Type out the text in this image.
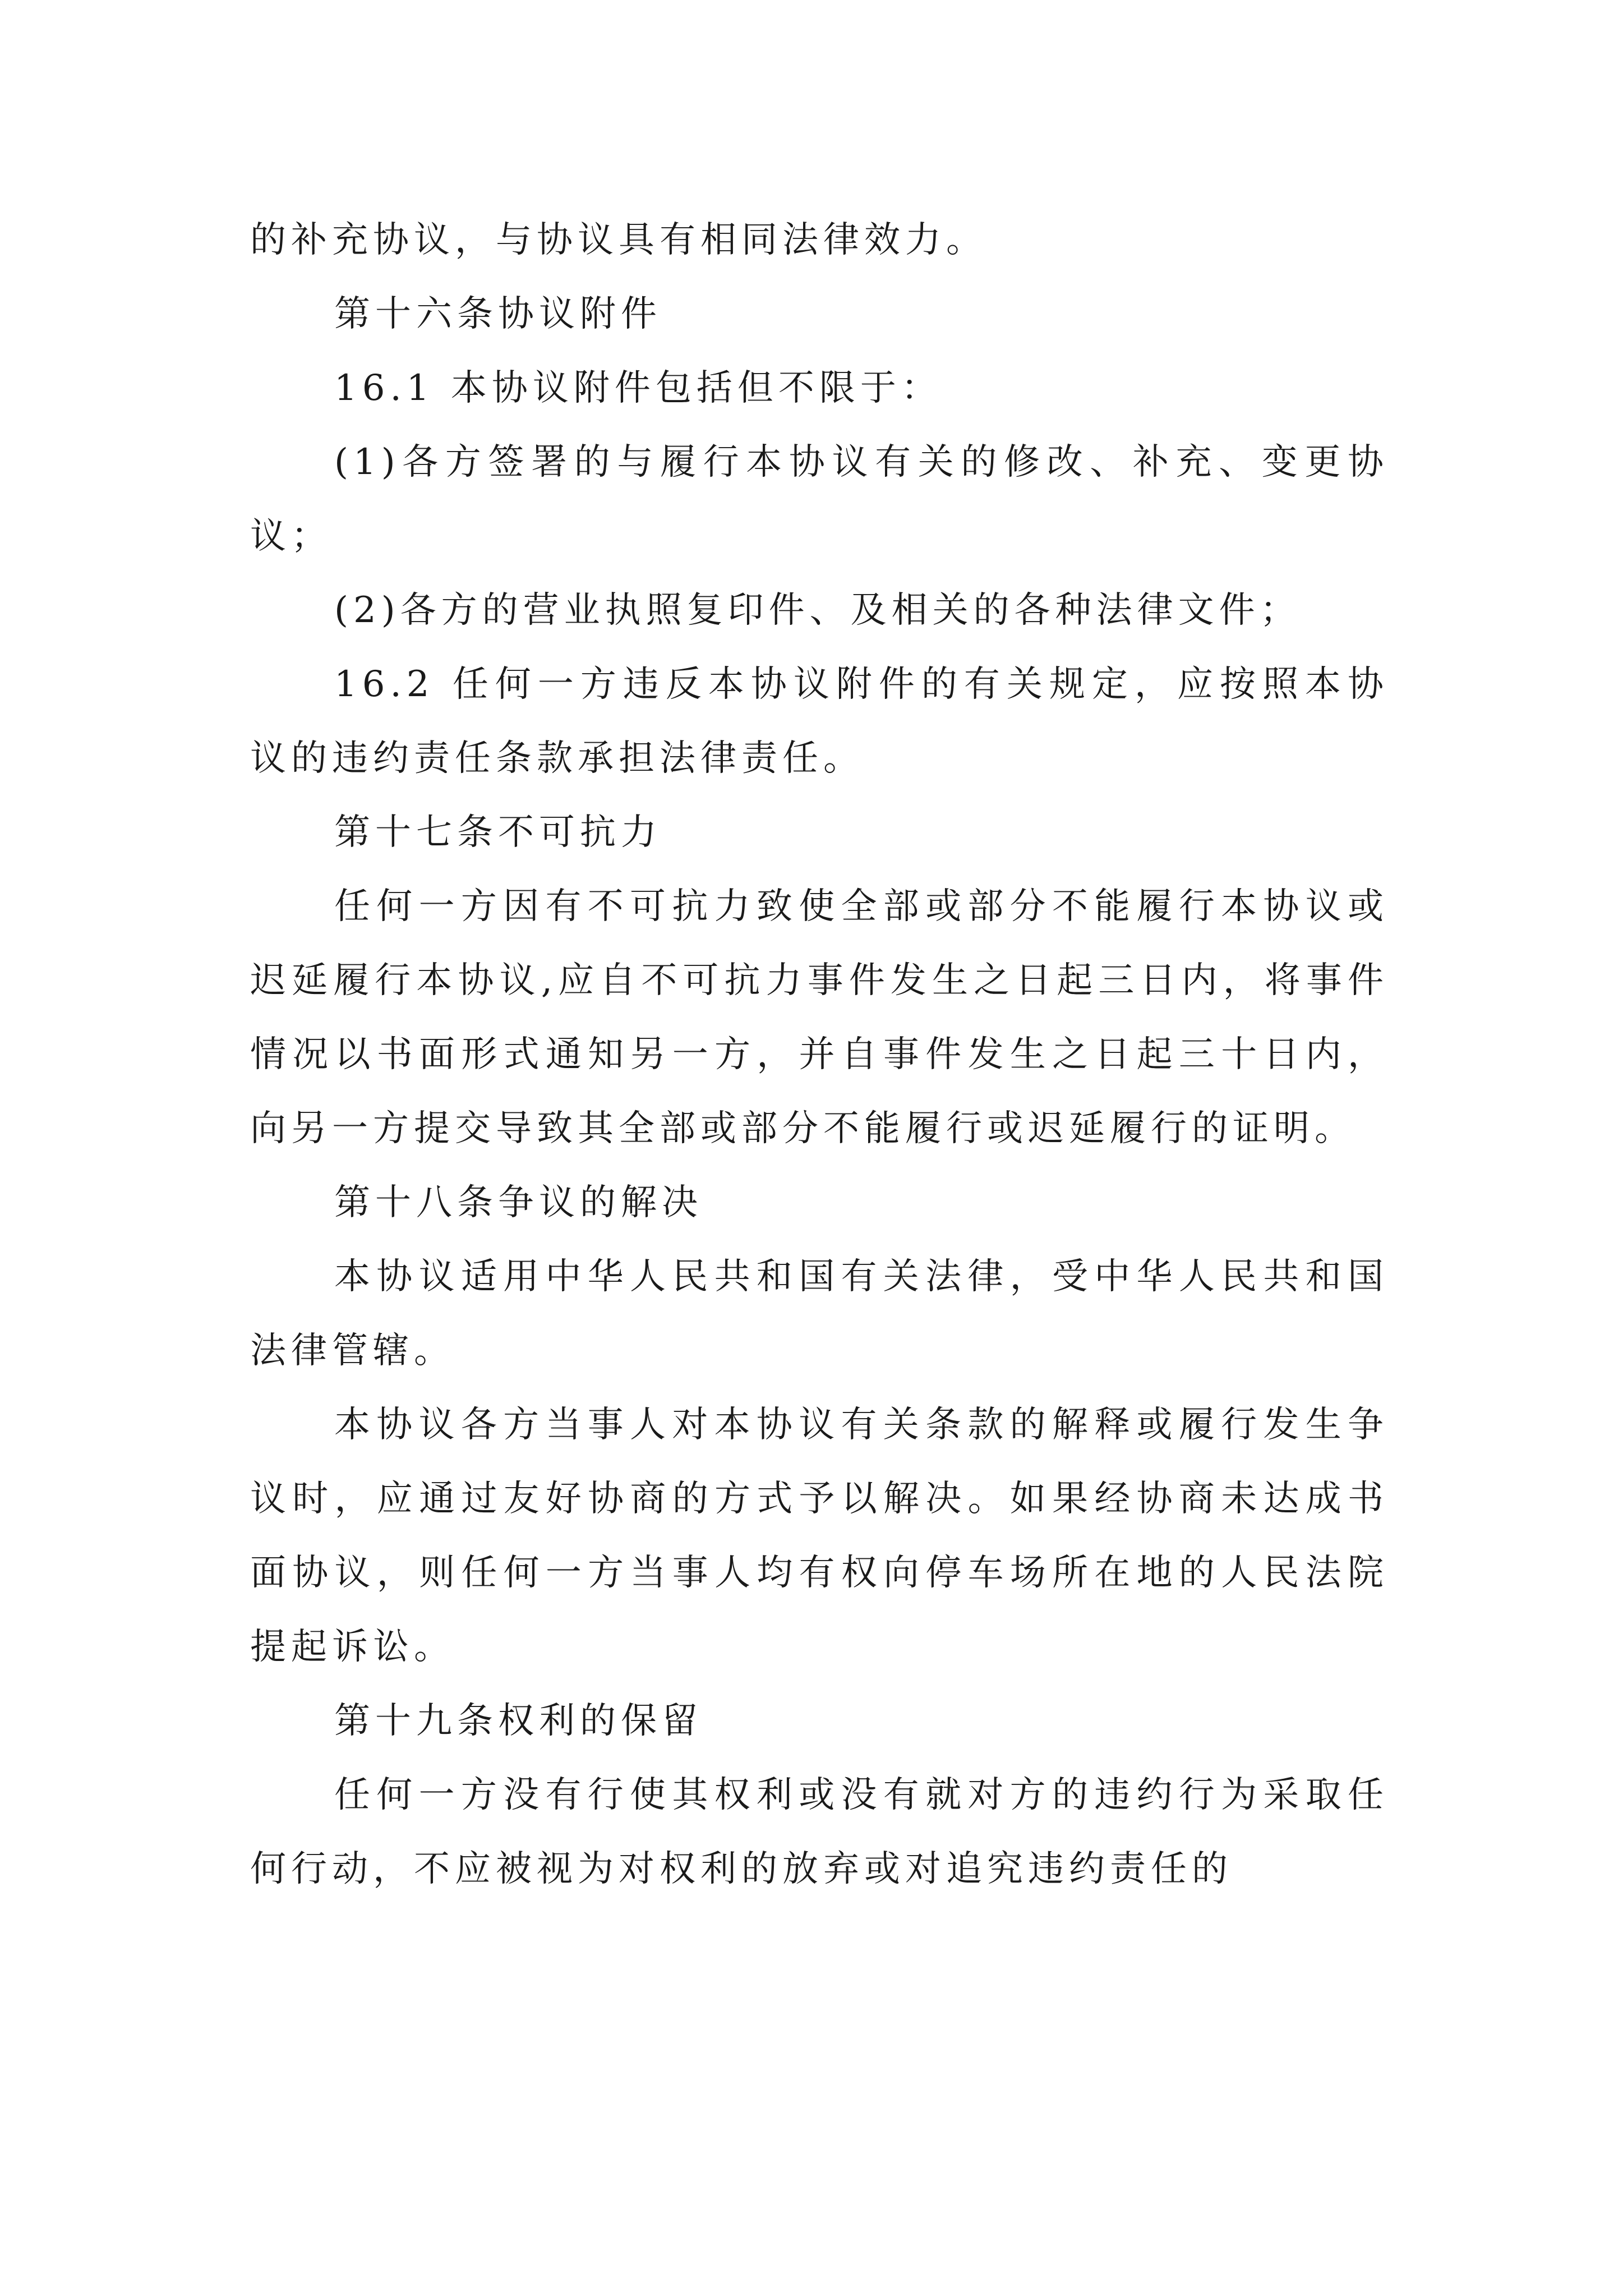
的补充协议，与协议具有相同法律效力。

第十六条协议附件

16.1 本协议附件包括但不限于：

(1)各方签署的与履行本协议有关的修改、补充、变更协议；

(2)各方的营业执照复印件、及相关的各种法律文件；

16.2 任何一方违反本协议附件的有关规定，应按照本协议的违约责任条款承担法律责任。

第十七条不可抗力

任何一方因有不可抗力致使全部或部分不能履行本协议或迟延履行本协议,应自不可抗力事件发生之日起三日内，将事件情况以书面形式通知另一方，并自事件发生之日起三十日内，向另一方提交导致其全部或部分不能履行或迟延履行的证明。

第十八条争议的解决

本协议适用中华人民共和国有关法律，受中华人民共和国法律管辖。

本协议各方当事人对本协议有关条款的解释或履行发生争议时，应通过友好协商的方式予以解决。如果经协商未达成书面协议，则任何一方当事人均有权向停车场所在地的人民法院提起诉讼。

第十九条权利的保留

任何一方没有行使其权利或没有就对方的违约行为采取任何行动，不应被视为对权利的放弃或对追究违约责任的
